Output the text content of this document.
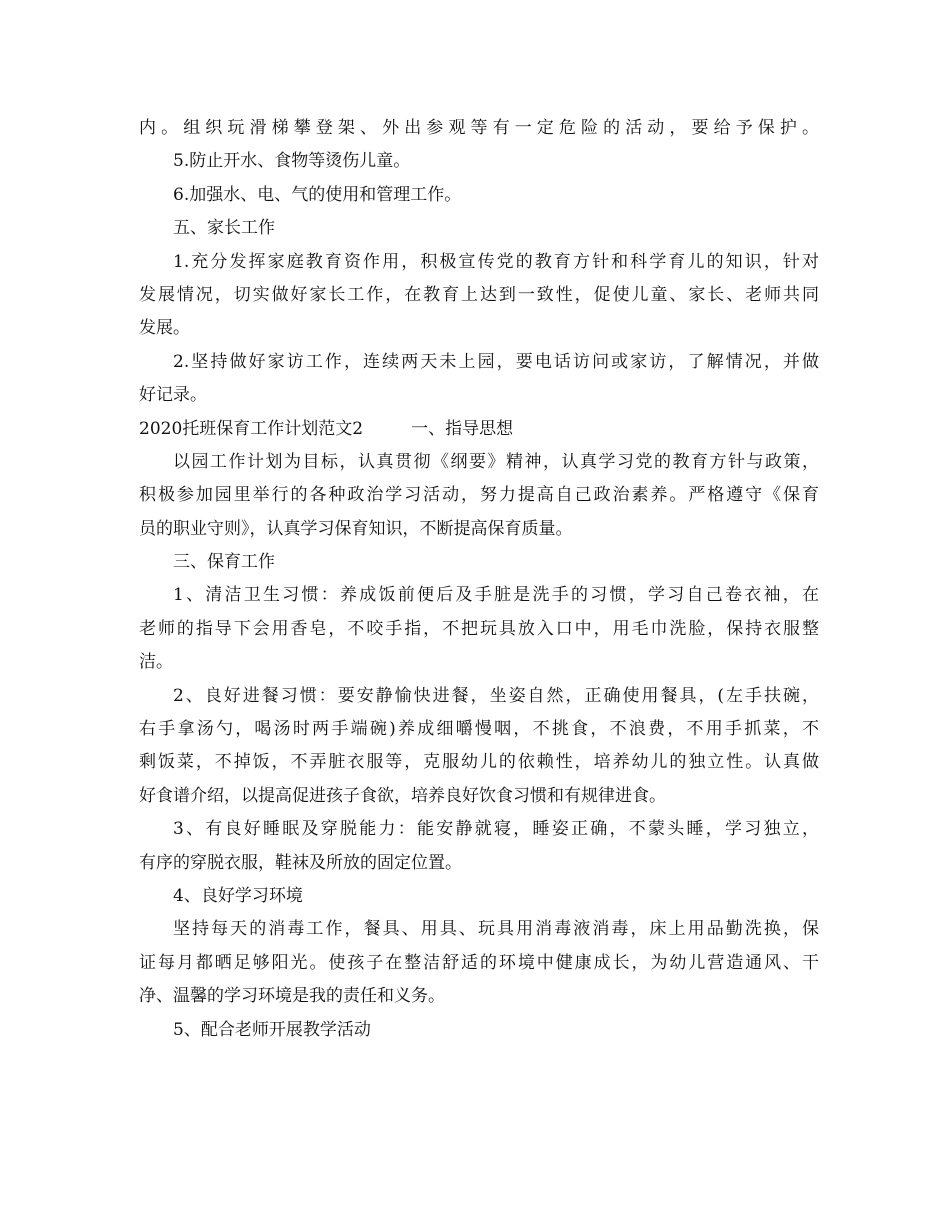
内。组织玩滑梯攀登架、外出参观等有一定危险的活动，要给予保护。
5.防止开水、食物等烫伤儿童。
6.加强水、电、气的使用和管理工作。
五、家长工作
1.充分发挥家庭教育资作用，积极宣传党的教育方针和科学育儿的知识，针对
发展情况，切实做好家长工作，在教育上达到一致性，促使儿童、家长、老师共同
发展。
2.坚持做好家访工作，连续两天未上园，要电话访问或家访，了解情况，并做
好记录。
2020托班保育工作计划范文2	一、指导思想
以园工作计划为目标，认真贯彻《纲要》精神，认真学习党的教育方针与政策，
积极参加园里举行的各种政治学习活动，努力提高自己政治素养。严格遵守《保育
员的职业守则》，认真学习保育知识，不断提高保育质量。
三、保育工作
1、清洁卫生习惯：养成饭前便后及手脏是洗手的习惯，学习自己卷衣袖，在
老师的指导下会用香皂，不咬手指，不把玩具放入口中，用毛巾洗脸，保持衣服整
洁。
2、良好进餐习惯：要安静愉快进餐，坐姿自然，正确使用餐具，(左手扶碗，
右手拿汤勺，喝汤时两手端碗)养成细嚼慢咽，不挑食，不浪费，不用手抓菜，不
剩饭菜，不掉饭，不弄脏衣服等，克服幼儿的依赖性，培养幼儿的独立性。认真做
好食谱介绍，以提高促进孩子食欲，培养良好饮食习惯和有规律进食。
3、有良好睡眠及穿脱能力：能安静就寝，睡姿正确，不蒙头睡，学习独立，
有序的穿脱衣服，鞋袜及所放的固定位置。
4、良好学习环境
坚持每天的消毒工作，餐具、用具、玩具用消毒液消毒，床上用品勤洗换，保
证每月都晒足够阳光。使孩子在整洁舒适的环境中健康成长，为幼儿营造通风、干
净、温馨的学习环境是我的责任和义务。
5、配合老师开展教学活动
